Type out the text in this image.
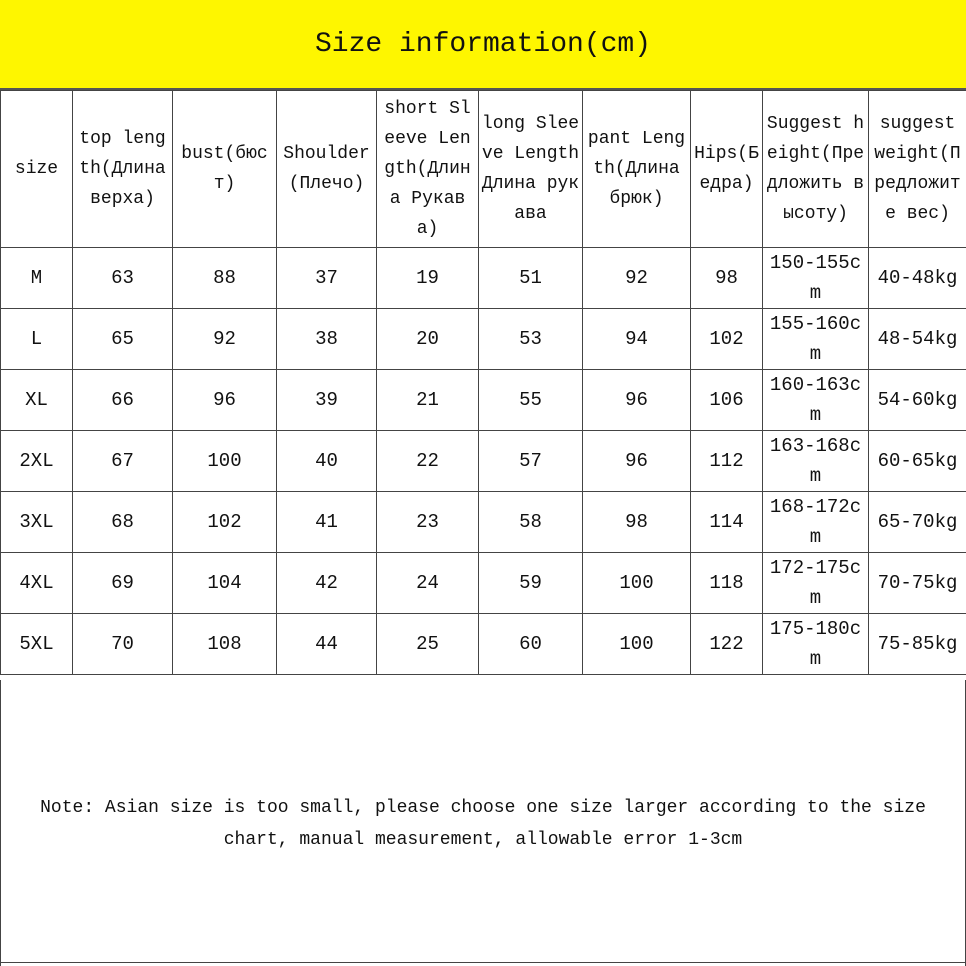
Size information(cm)
size	top length(Длина верха)	bust(бюст)	Shoulder(Плечо)	short Sleeve Length(Длина Рукава)	long Sleeve LengthДлина рукава	pant Length(Длина брюк)	Hips(Бедра)	Suggest height(Предложить высоту)	suggest weight(Предложите вес)
M	63	88	37	19	51	92	98	150-155cm	40-48kg
L	65	92	38	20	53	94	102	155-160cm	48-54kg
XL	66	96	39	21	55	96	106	160-163cm	54-60kg
2XL	67	100	40	22	57	96	112	163-168cm	60-65kg
3XL	68	102	41	23	58	98	114	168-172cm	65-70kg
4XL	69	104	42	24	59	100	118	172-175cm	70-75kg
5XL	70	108	44	25	60	100	122	175-180cm	75-85kg
Note: Asian size is too small, please choose one size larger according to the size chart, manual measurement, allowable error 1-3cm
